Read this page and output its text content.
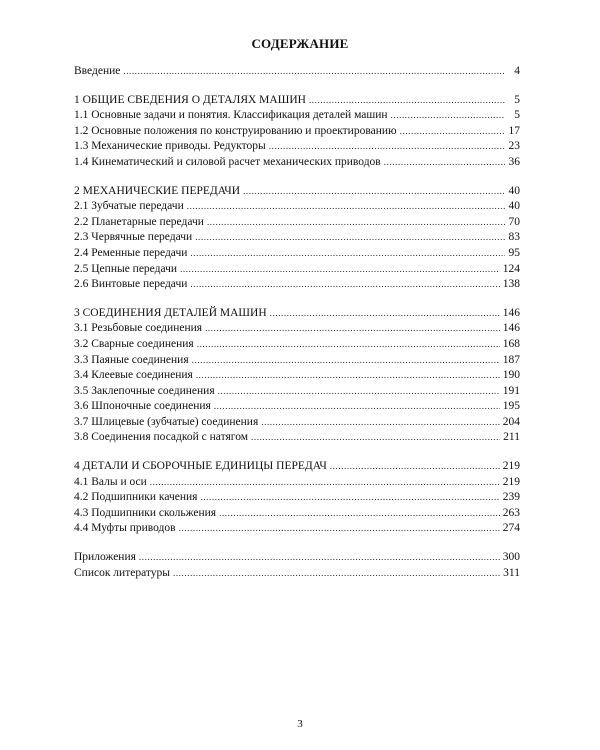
СОДЕРЖАНИЕ
Введение .....	4
1 ОБЩИЕ СВЕДЕНИЯ О ДЕТАЛЯХ МАШИН .....	5
1.1 Основные задачи и понятия. Классификация деталей машин .....	5
1.2 Основные положения по конструированию и проектированию .....	17
1.3 Механические приводы. Редукторы .....	23
1.4 Кинематический и силовой расчет механических приводов .....	36
2 МЕХАНИЧЕСКИЕ ПЕРЕДАЧИ .....	40
2.1 Зубчатые передачи .....	40
2.2 Планетарные передачи .....	70
2.3 Червячные передачи .....	83
2.4 Ременные передачи .....	95
2.5 Цепные передачи .....	124
2.6 Винтовые передачи .....	138
3 СОЕДИНЕНИЯ ДЕТАЛЕЙ МАШИН .....	146
3.1 Резьбовые соединения .....	146
3.2 Сварные соединения .....	168
3.3 Паяные соединения .....	187
3.4 Клеевые соединения .....	190
3.5 Заклепочные соединения .....	191
3.6 Шпоночные соединения .....	195
3.7 Шлицевые (зубчатые) соединения .....	204
3.8 Соединения посадкой с натягом .....	211
4 ДЕТАЛИ И СБОРОЧНЫЕ ЕДИНИЦЫ ПЕРЕДАЧ .....	219
4.1 Валы и оси .....	219
4.2 Подшипники качения .....	239
4.3 Подшипники скольжения .....	263
4.4 Муфты приводов .....	274
Приложения .....	300
Список литературы .....	311
3
